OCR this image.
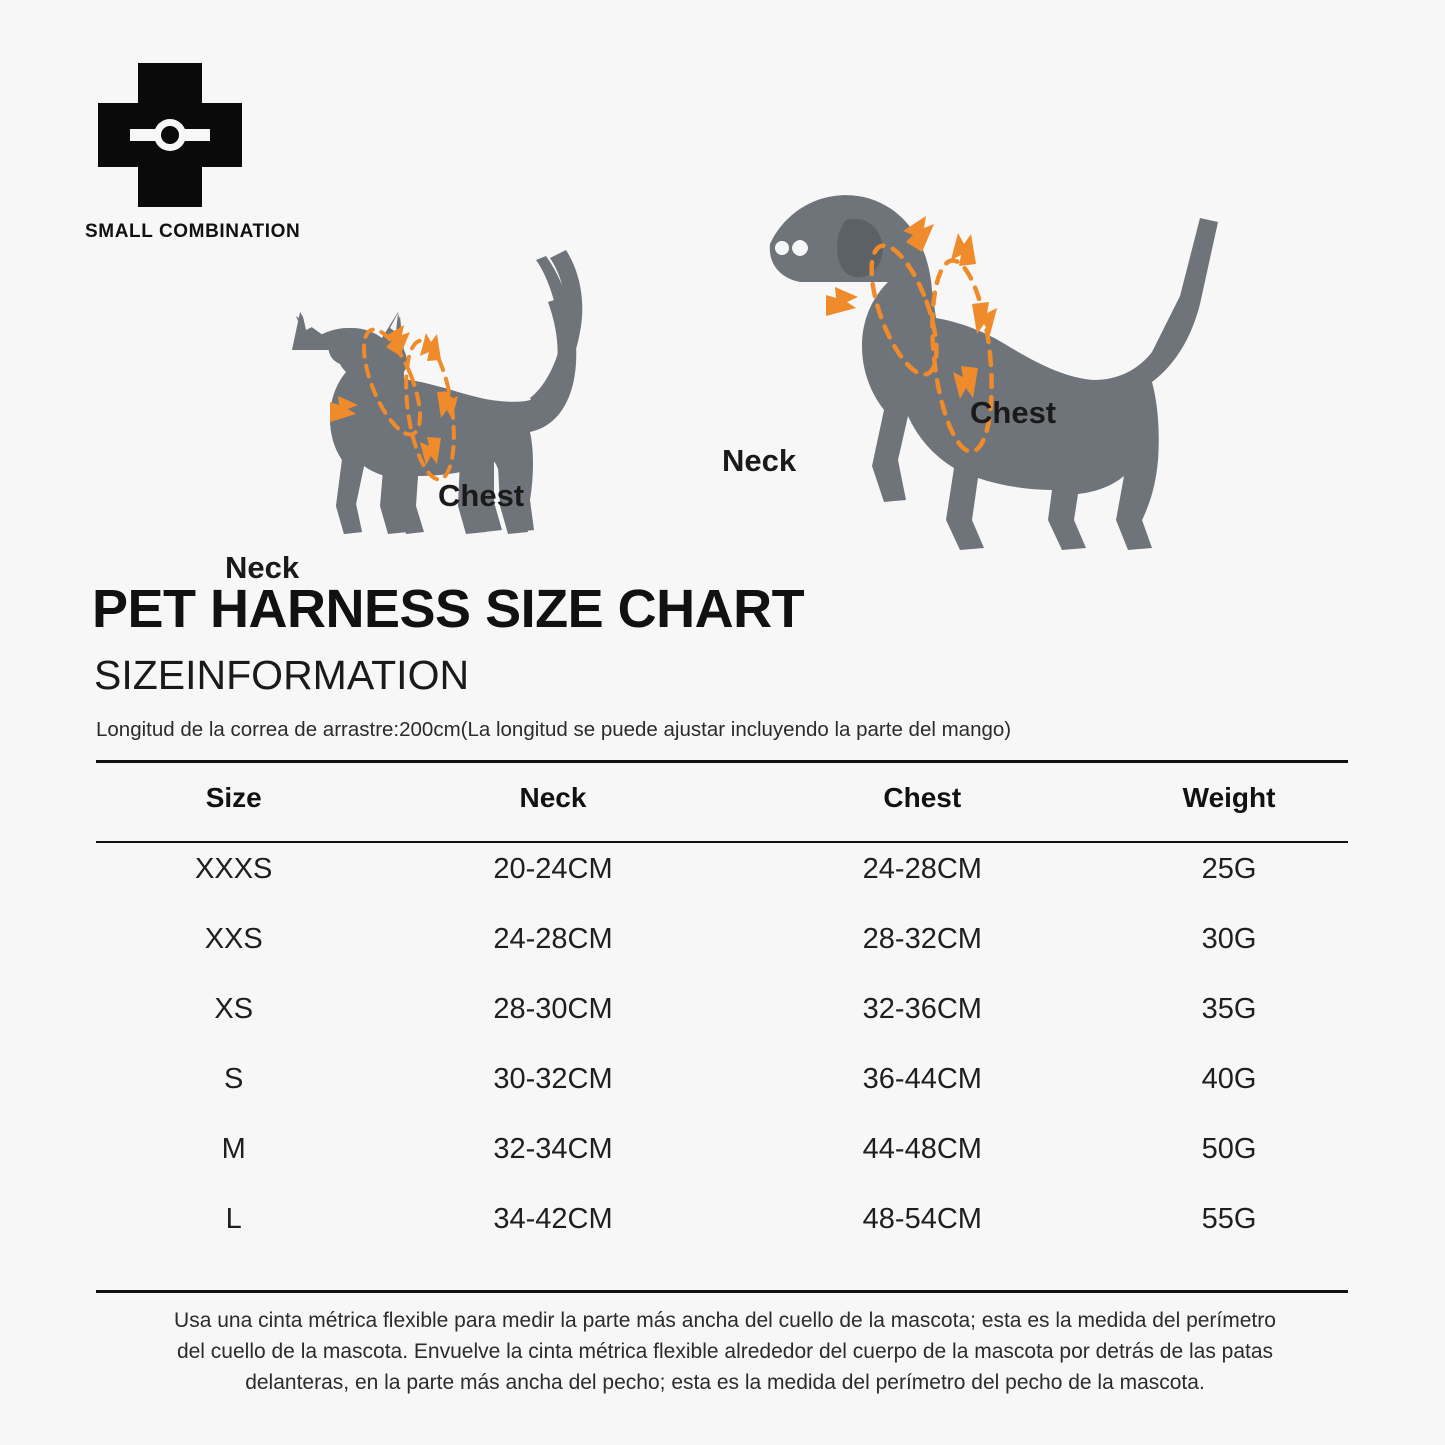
SMALL COMBINATION
Neck
Chest
Neck
Chest
PET HARNESS SIZE CHART
SIZEINFORMATION
Longitud de la correa de arrastre:200cm(La longitud se puede ajustar incluyendo la parte del mango)
Size	Neck	Chest	Weight
XXXS	20-24CM	24-28CM	25G
XXS	24-28CM	28-32CM	30G
XS	28-30CM	32-36CM	35G
S	30-32CM	36-44CM	40G
M	32-34CM	44-48CM	50G
L	34-42CM	48-54CM	55G
Usa una cinta métrica flexible para medir la parte más ancha del cuello de la mascota; esta es la medida del perímetro del cuello de la mascota. Envuelve la cinta métrica flexible alrededor del cuerpo de la mascota por detrás de las patas delanteras, en la parte más ancha del pecho; esta es la medida del perímetro del pecho de la mascota.
